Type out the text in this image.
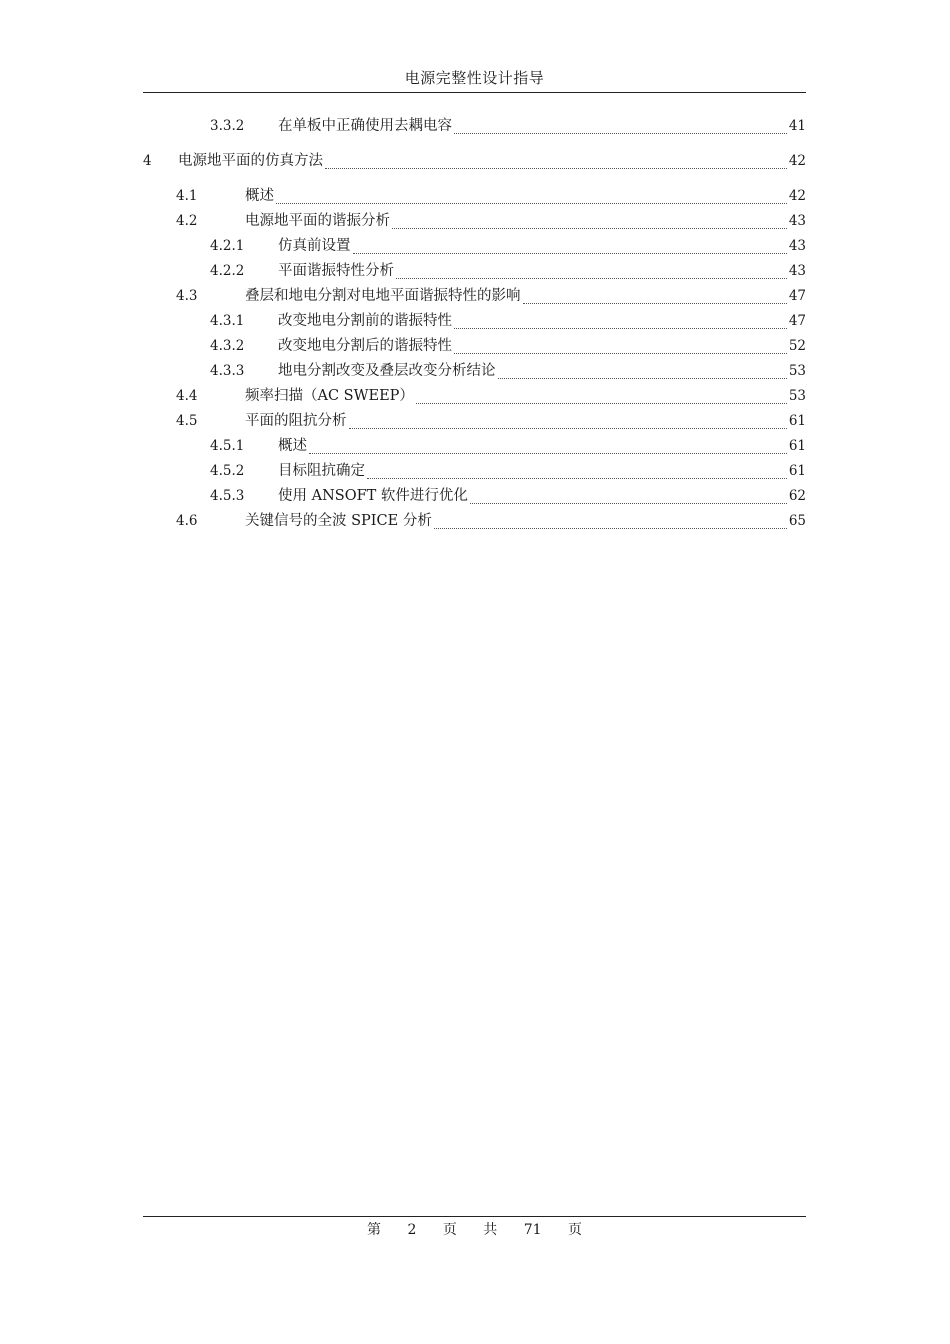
电源完整性设计指导
3.3.2	在单板中正确使用去耦电容	41
4	电源地平面的仿真方法	42
4.1	概述	42
4.2	电源地平面的谐振分析	43
4.2.1	仿真前设置	43
4.2.2	平面谐振特性分析	43
4.3	叠层和地电分割对电地平面谐振特性的影响	47
4.3.1	改变地电分割前的谐振特性	47
4.3.2	改变地电分割后的谐振特性	52
4.3.3	地电分割改变及叠层改变分析结论	53
4.4	频率扫描（AC SWEEP）	53
4.5	平面的阻抗分析	61
4.5.1	概述	61
4.5.2	目标阻抗确定	61
4.5.3	使用 ANSOFT 软件进行优化	62
4.6	关键信号的全波 SPICE 分析	65
第 2 页 共 71 页
